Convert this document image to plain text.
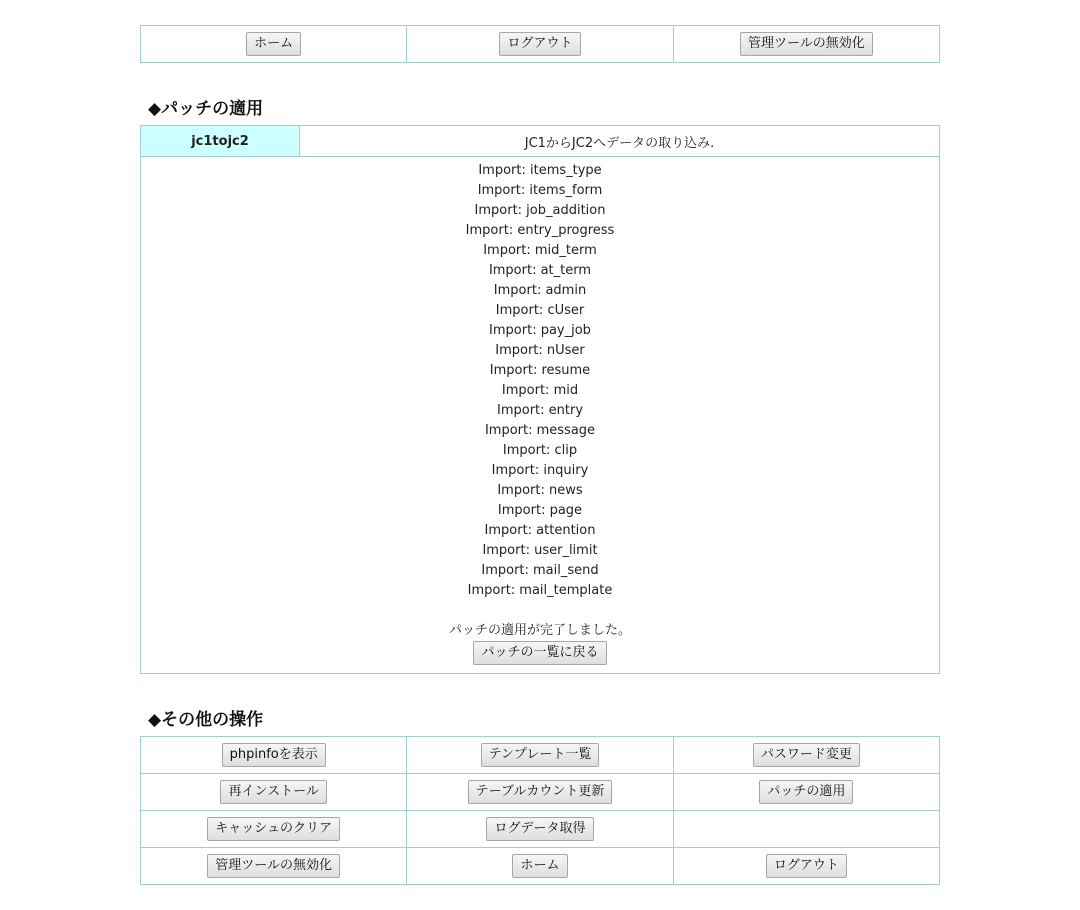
ホーム	ログアウト	管理ツールの無効化
◆パッチの適用
jc1tojc2	JC1からJC2へデータの取り込み.

Import: items_type
Import: items_form
Import: job_addition
Import: entry_progress
Import: mid_term
Import: at_term
Import: admin
Import: cUser
Import: pay_job
Import: nUser
Import: resume
Import: mid
Import: entry
Import: message
Import: clip
Import: inquiry
Import: news
Import: page
Import: attention
Import: user_limit
Import: mail_send
Import: mail_template
パッチの適用が完了しました。
パッチの一覧に戻る
◆その他の操作
phpinfoを表示	テンプレート一覧	パスワード変更
再インストール	テーブルカウント更新	パッチの適用
キャッシュのクリア	ログデータ取得	
管理ツールの無効化	ホーム	ログアウト
